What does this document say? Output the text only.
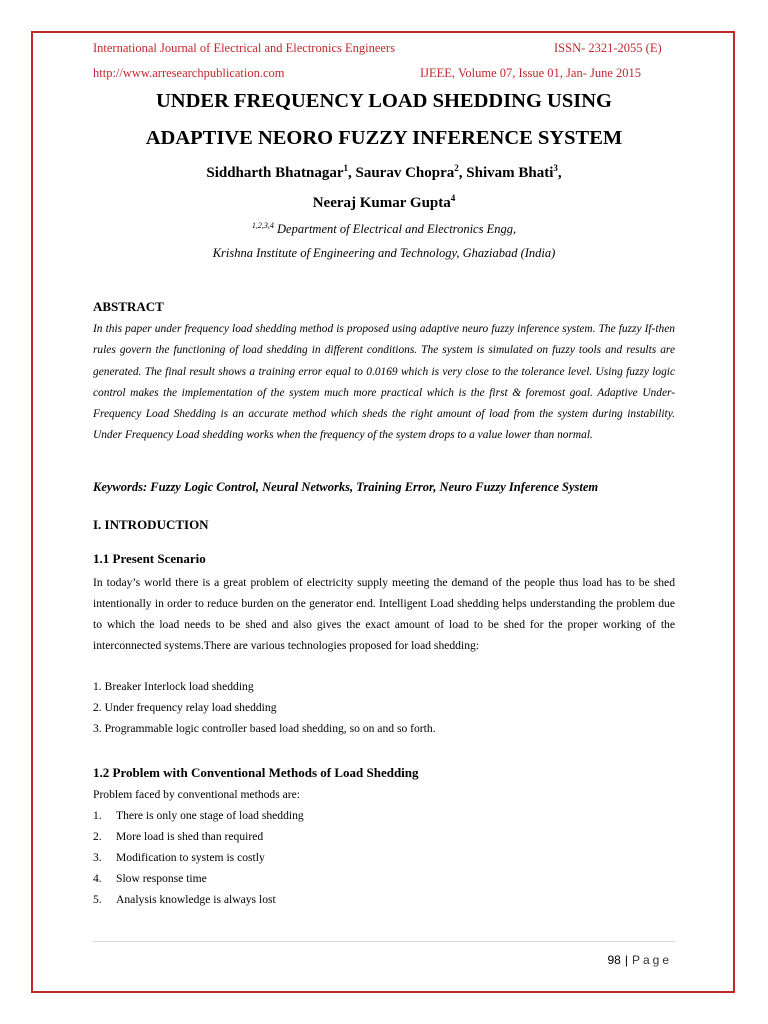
International Journal of Electrical and Electronics Engineers	ISSN- 2321-2055 (E)
http://www.arresearchpublication.com	IJEEE, Volume 07, Issue 01, Jan- June 2015
UNDER FREQUENCY LOAD SHEDDING USING
ADAPTIVE NEORO FUZZY INFERENCE SYSTEM
Siddharth Bhatnagar$^1$, Saurav Chopra$^2$, Shivam Bhati$^3$,
Neeraj Kumar Gupta$^4$
$^{1,2,3,4}$ Department of Electrical and Electronics Engg,
Krishna Institute of Engineering and Technology, Ghaziabad (India)
ABSTRACT
In this paper under frequency load shedding method is proposed using adaptive neuro fuzzy inference system. The fuzzy If-then rules govern the functioning of load shedding in different conditions. The system is simulated on fuzzy tools and results are generated. The final result shows a training error equal to 0.0169 which is very close to the tolerance level. Using fuzzy logic control makes the implementation of the system much more practical which is the first & foremost goal. Adaptive Under-Frequency Load Shedding is an accurate method which sheds the right amount of load from the system during instability. Under Frequency Load shedding works when the frequency of the system drops to a value lower than normal.
Keywords: Fuzzy Logic Control, Neural Networks, Training Error, Neuro Fuzzy Inference System
I. INTRODUCTION
1.1 Present Scenario
In today’s world there is a great problem of electricity supply meeting the demand of the people thus load has to be shed intentionally in order to reduce burden on the generator end. Intelligent Load shedding helps understanding the problem due to which the load needs to be shed and also gives the exact amount of load to be shed for the proper working of the interconnected systems.There are various technologies proposed for load shedding:
1. Breaker Interlock load shedding
2. Under frequency relay load shedding
3. Programmable logic controller based load shedding, so on and so forth.
1.2 Problem with Conventional Methods of Load Shedding
Problem faced by conventional methods are:
1. There is only one stage of load shedding
2. More load is shed than required
3. Modification to system is costly
4. Slow response time
5. Analysis knowledge is always lost
98 | Page
